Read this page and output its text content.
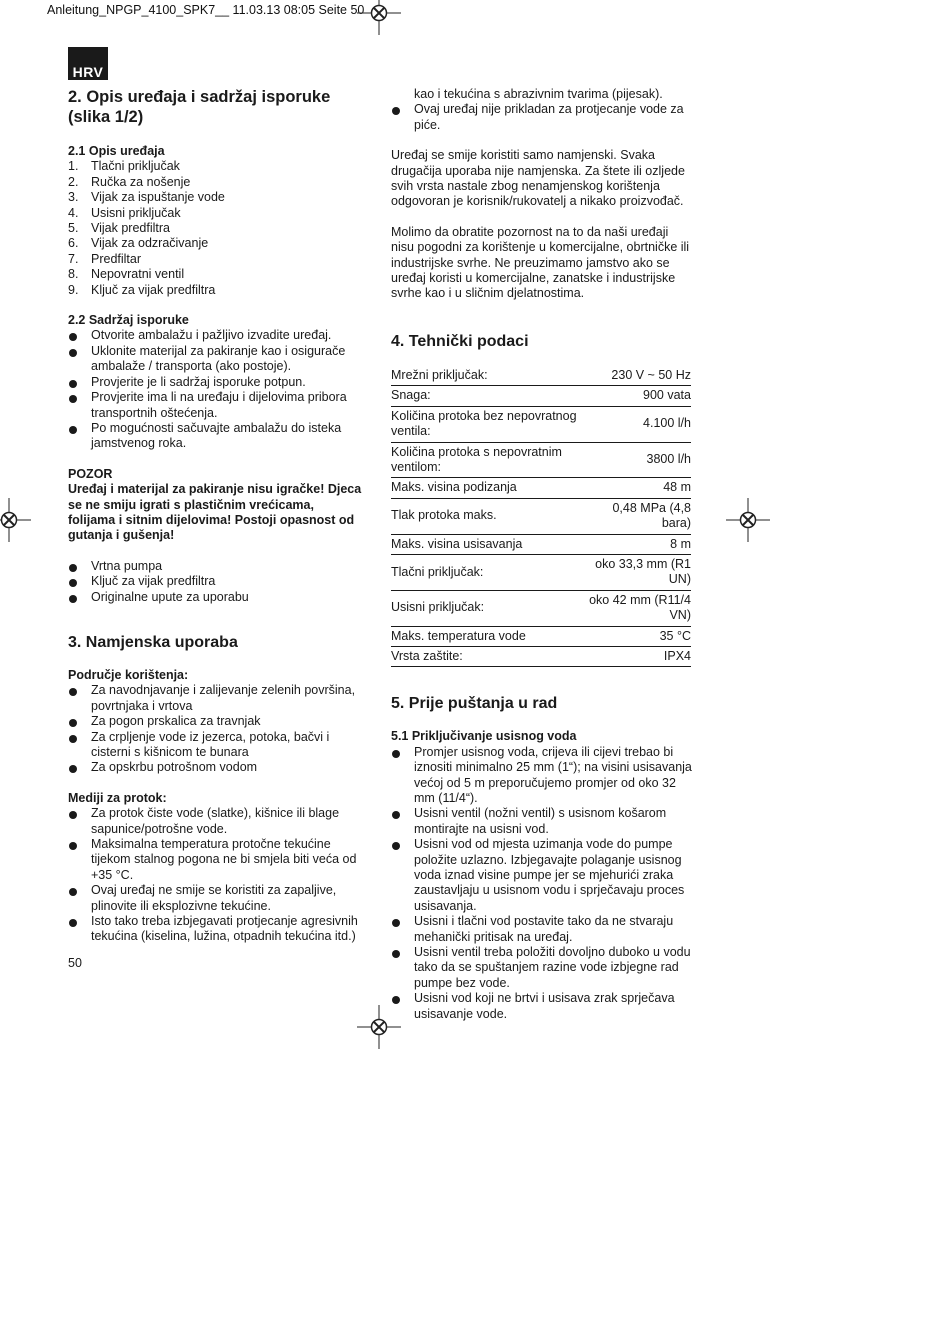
Anleitung_NPGP_4100_SPK7__ 11.03.13 08:05 Seite 50
HRV
2. Opis uređaja i sadržaj isporuke
(slika 1/2)

2.1 Opis uređaja

1.	Tlačni priključak
2.	Ručka za nošenje
3.	Vijak za ispuštanje vode
4.	Usisni priključak
5.	Vijak predfiltra
6.	Vijak za odzračivanje
7.	Predfiltar
8.	Nepovratni ventil
9.	Ključ za vijak predfiltra

2.2 Sadržaj isporuke

Otvorite ambalažu i pažljivo izvadite uređaj.
Uklonite materijal za pakiranje kao i osigurače ambalaže / transporta (ako postoje).
Provjerite je li sadržaj isporuke potpun.
Provjerite ima li na uređaju i dijelovima pribora transportnih oštećenja.
Po mogućnosti sačuvajte ambalažu do isteka jamstvenog roka.

POZOR

Uređaj i materijal za pakiranje nisu igračke! Djeca se ne smiju igrati s plastičnim vrećicama, folijama i sitnim dijelovima! Postoji opasnost od gutanja i gušenja!

Vrtna pumpa
Ključ za vijak predfiltra
Originalne upute za uporabu
3. Namjenska uporaba

Područje korištenja:

Za navodnjavanje i zalijevanje zelenih površina, povrtnjaka i vrtova
Za pogon prskalica za travnjak
Za crpljenje vode iz jezerca, potoka, bačvi i cisterni s kišnicom te bunara
Za opskrbu potrošnom vodom

Mediji za protok:

Za protok čiste vode (slatke), kišnice ili blage sapunice/potrošne vode.
Maksimalna temperatura protočne tekućine tijekom stalnog pogona ne bi smjela biti veća od +35 °C.
Ovaj uređaj ne smije se koristiti za zapaljive, plinovite ili eksplozivne tekućine.
Isto tako treba izbjegavati protjecanje agresivnih tekućina (kiselina, lužina, otpadnih tekućina itd.)

kao i tekućina s abrazivnim tvarima (pijesak).

Ovaj uređaj nije prikladan za protjecanje vode za piće.

Uređaj se smije koristiti samo namjenski. Svaka drugačija uporaba nije namjenska. Za štete ili ozljede svih vrsta nastale zbog nenamjenskog korištenja odgovoran je korisnik/rukovatelj a nikako proizvođač.

Molimo da obratite pozornost na to da naši uređaji nisu pogodni za korištenje u komercijalne, obrtničke ili industrijske svrhe. Ne preuzimamo jamstvo ako se uređaj koristi u komercijalne, zanatske i industrijske svrhe kao i u sličnim djelatnostima.

4. Tehnički podaci
Mrežni priključak:	230 V ~ 50 Hz
Snaga:	900 vata
Količina protoka bez nepovratnog ventila:	4.100 l/h
Količina protoka s nepovratnim ventilom:	3800 l/h
Maks. visina podizanja	48 m
Tlak protoka maks.	0,48 MPa (4,8 bara)
Maks. visina usisavanja	8 m
Tlačni priključak:	oko 33,3 mm (R1 UN)
Usisni priključak:	oko 42 mm (R11/4 VN)
Maks. temperatura vode	35 °C
Vrsta zaštite:	IPX4
5. Prije puštanja u rad

5.1 Priključivanje usisnog voda

Promjer usisnog voda, crijeva ili cijevi trebao bi iznositi minimalno 25 mm (1“); na visini usisavanja većoj od 5 m preporučujemo promjer od oko 32 mm (11/4“).
Usisni ventil (nožni ventil) s usisnom košarom montirajte na usisni vod.
Usisni vod od mjesta uzimanja vode do pumpe položite uzlazno. Izbjegavajte polaganje usisnog voda iznad visine pumpe jer se mjehurići zraka zaustavljaju u usisnom vodu i sprječavaju proces usisavanja.
Usisni i tlačni vod postavite tako da ne stvaraju mehanički pritisak na uređaj.
Usisni ventil treba položiti dovoljno duboko u vodu tako da se spuštanjem razine vode izbjegne rad pumpe bez vode.
Usisni vod koji ne brtvi i usisava zrak sprječava usisavanje vode.
50
